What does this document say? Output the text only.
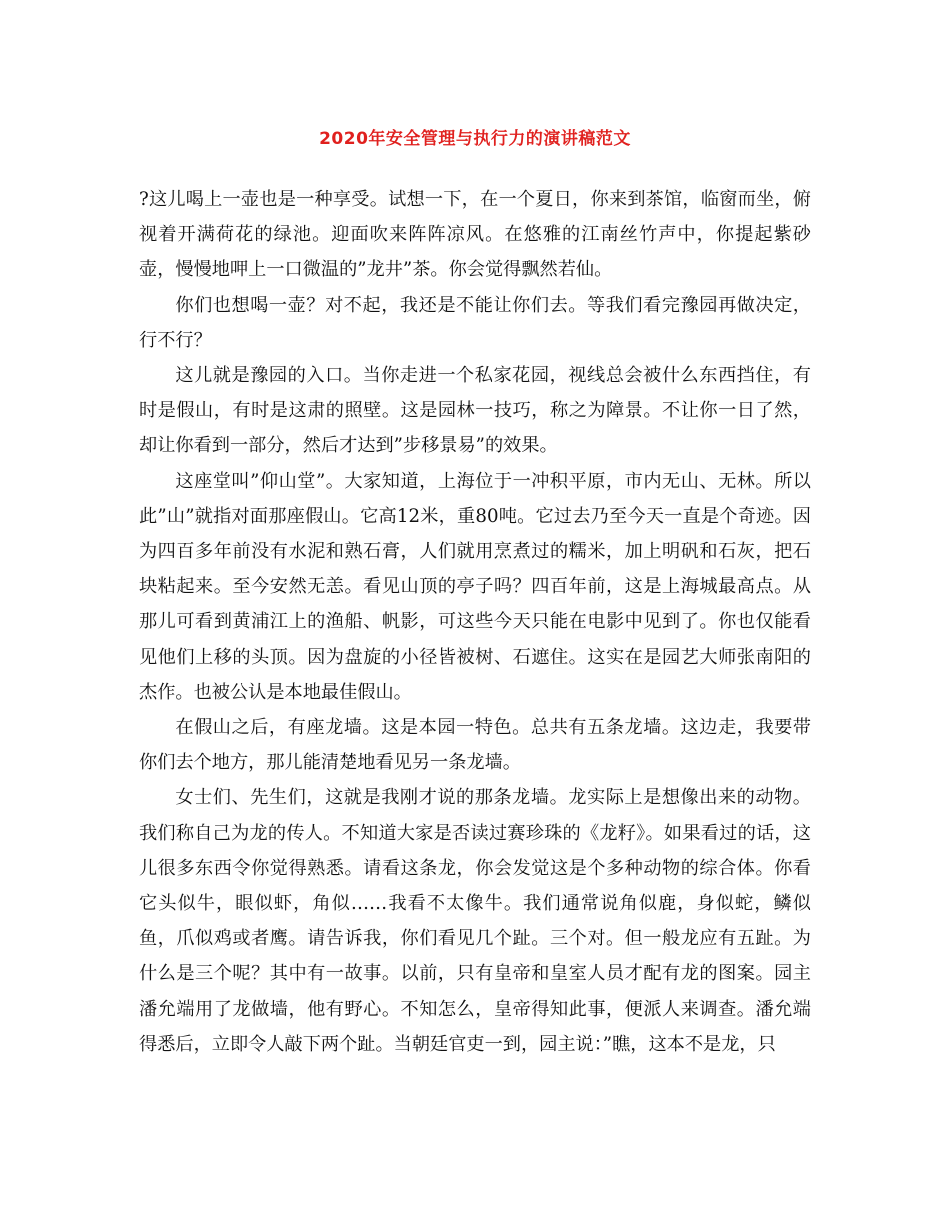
2020年安全管理与执行力的演讲稿范文

?这儿喝上一壶也是一种享受。试想一下，在一个夏日，你来到茶馆，临窗而坐，俯视着开满荷花的绿池。迎面吹来阵阵凉风。在悠雅的江南丝竹声中，你提起紫砂壶，慢慢地呷上一口微温的”龙井”茶。你会觉得飘然若仙。

你们也想喝一壶？对不起，我还是不能让你们去。等我们看完豫园再做决定，行不行？

这儿就是豫园的入口。当你走进一个私家花园，视线总会被什么东西挡住，有时是假山，有时是这肃的照壁。这是园林一技巧，称之为障景。不让你一日了然，却让你看到一部分，然后才达到”步移景易”的效果。

这座堂叫”仰山堂”。大家知道，上海位于一冲积平原，市内无山、无林。所以此”山”就指对面那座假山。它高12米，重80吨。它过去乃至今天一直是个奇迹。因为四百多年前没有水泥和熟石膏，人们就用烹煮过的糯米，加上明矾和石灰，把石块粘起来。至今安然无恙。看见山顶的亭子吗？四百年前，这是上海城最高点。从那儿可看到黄浦江上的渔船、帆影，可这些今天只能在电影中见到了。你也仅能看见他们上移的头顶。因为盘旋的小径皆被树、石遮住。这实在是园艺大师张南阳的杰作。也被公认是本地最佳假山。

在假山之后，有座龙墙。这是本园一特色。总共有五条龙墙。这边走，我要带你们去个地方，那儿能清楚地看见另一条龙墙。

女士们、先生们，这就是我刚才说的那条龙墙。龙实际上是想像出来的动物。我们称自己为龙的传人。不知道大家是否读过赛珍珠的《龙籽》。如果看过的话，这儿很多东西令你觉得熟悉。请看这条龙，你会发觉这是个多种动物的综合体。你看它头似牛，眼似虾，角似……我看不太像牛。我们通常说角似鹿，身似蛇，鳞似鱼，爪似鸡或者鹰。请告诉我，你们看见几个趾。三个对。但一般龙应有五趾。为什么是三个呢？其中有一故事。以前，只有皇帝和皇室人员才配有龙的图案。园主潘允端用了龙做墙，他有野心。不知怎么，皇帝得知此事，便派人来调查。潘允端得悉后，立即令人敲下两个趾。当朝廷官吏一到，园主说：”瞧，这本不是龙，只
